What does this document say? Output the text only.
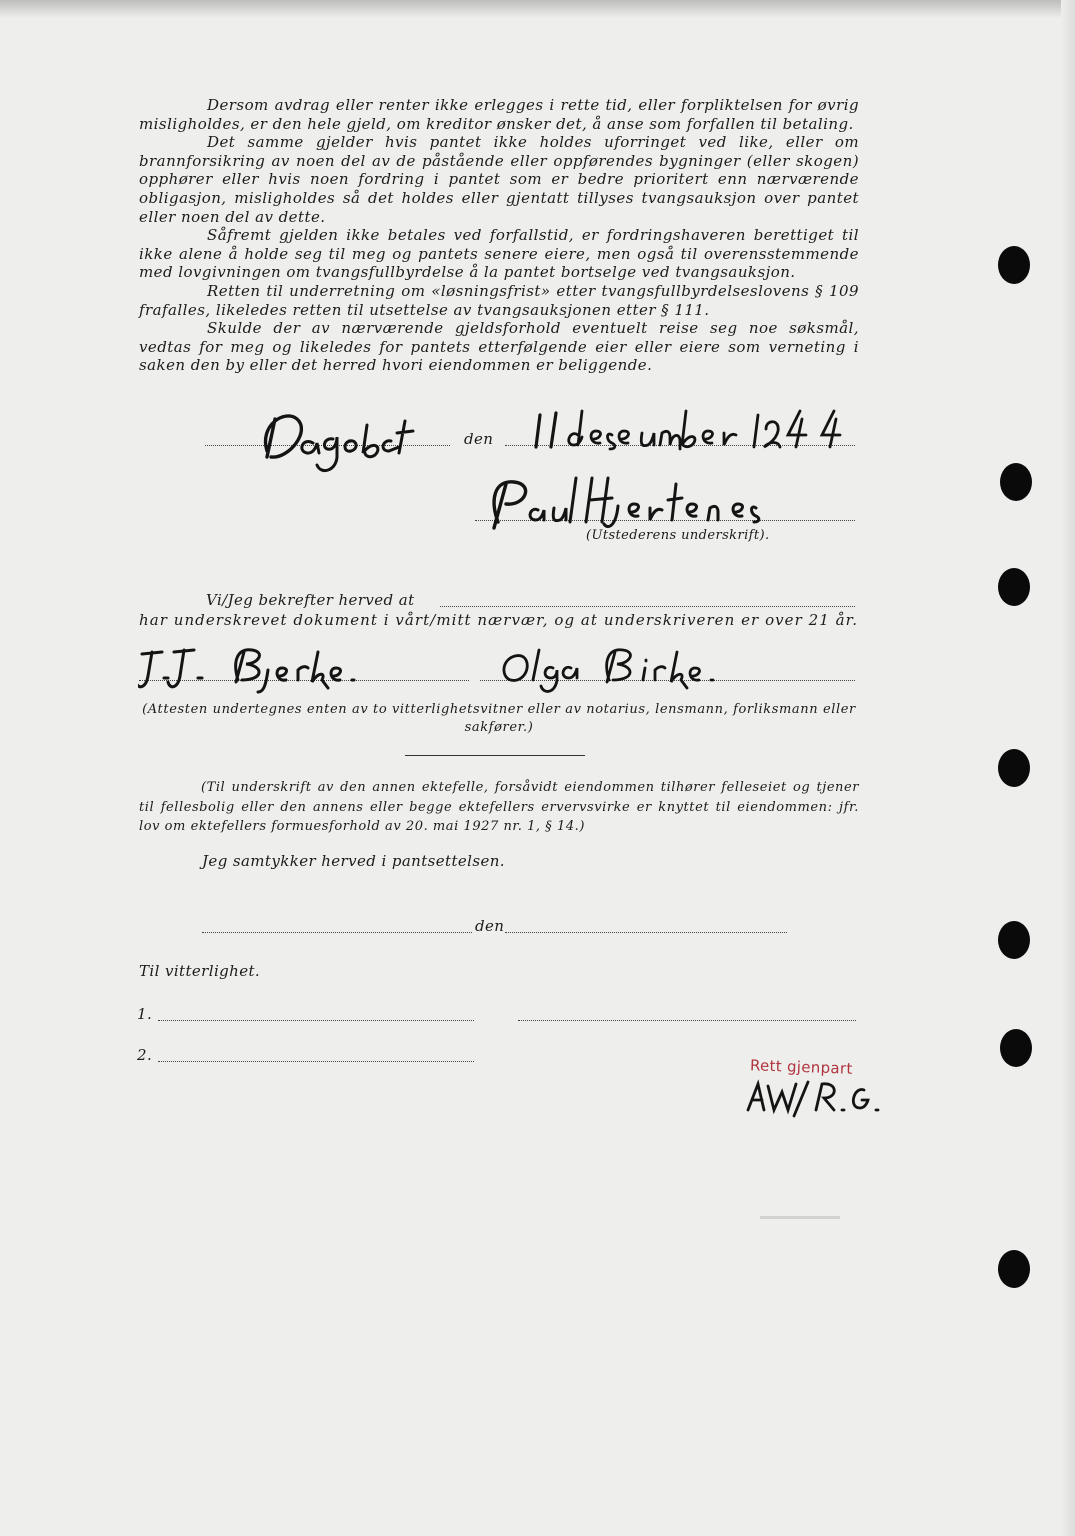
Dersom avdrag eller renter ikke erlegges i rette tid, eller forpliktelsen for øvrig misligholdes, er den hele gjeld, om kreditor ønsker det, å anse som forfallen til betaling.

Det samme gjelder hvis pantet ikke holdes uforringet ved like, eller om brannforsikring av noen del av de påstående eller oppførendes bygninger (eller skogen) opphører eller hvis noen fordring i pantet som er bedre prioritert enn nærværende obligasjon, misligholdes så det holdes eller gjentatt tillyses tvangsauksjon over pantet eller noen del av dette.

Såfremt gjelden ikke betales ved forfallstid, er fordringshaveren berettiget til ikke alene å holde seg til meg og pantets senere eiere, men også til overensstemmende med lovgivningen om tvangsfullbyrdelse å la pantet bortselge ved tvangsauksjon.

Retten til underretning om «løsningsfrist» etter tvangsfullbyrdelseslovens § 109 frafalles, likeledes retten til utsettelse av tvangsauksjonen etter § 111.

Skulde der av nærværende gjeldsforhold eventuelt reise seg noe søksmål, vedtas for meg og likeledes for pantets etterfølgende eier eller eiere som verneting i saken den by eller det herred hvori eiendommen er beliggende.

den
(Utstederens underskrift).
Vi/Jeg bekrefter herved at
har underskrevet dokument i vårt/mitt nærvær, og at underskriveren er over 21 år.
(Attesten undertegnes enten av to vitterlighetsvitner eller av notarius, lensmann, forliksmann eller sakfører.)
(Til underskrift av den annen ektefelle, forsåvidt eiendommen tilhører felleseiet og tjener til fellesbolig eller den annens eller begge ektefellers ervervsvirke er knyttet til eiendommen: jfr. lov om ektefellers formuesforhold av 20. mai 1927 nr. 1, § 14.)
Jeg samtykker herved i pantsettelsen.
den
Til vitterlighet.
1.
2.
Rett gjenpart
